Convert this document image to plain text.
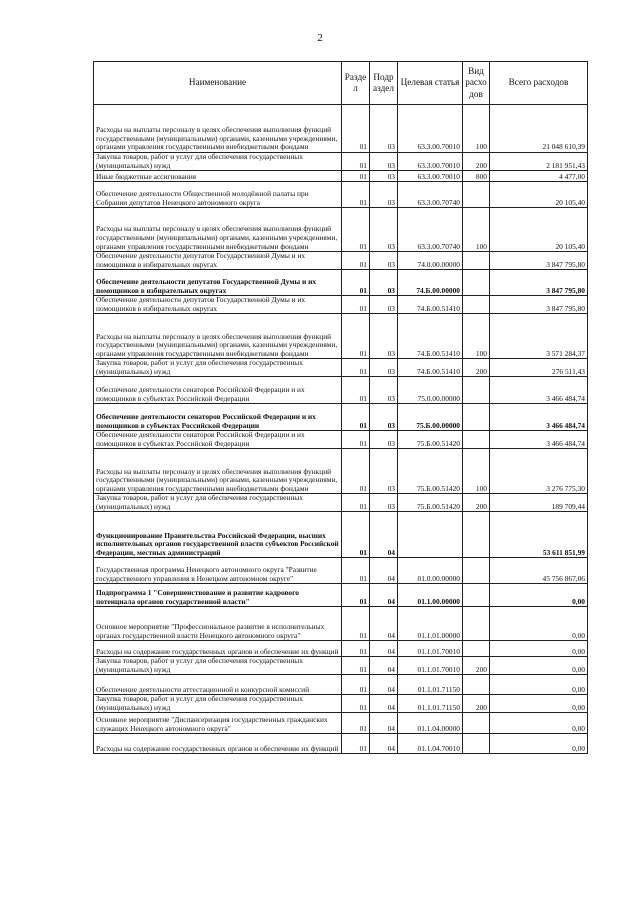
2
Наименование	Разде л	Подр аздел	Целевая статья	Вид расхо дов	Всего расходов
Расходы на выплаты персоналу в целях обеспечения выполнения функций государственными (муниципальными) органами, казенными учреждениями, органами управления государственными внебюджетными фондами	01	03	63.3.00.70010	100	21 048 610,39
Закупка товаров, работ и услуг для обеспечения государственных (муниципальных) нужд	01	03	63.3.00.70010	200	2 181 951,43
Иные бюджетные ассигнования	01	03	63.3.00.70010	800	4 477,00
Обеспечение деятельности Общественной молодёжной палаты при Собрании депутатов Ненецкого автономного округа	01	03	63.3.00.70740		20 105,40
Расходы на выплаты персоналу в целях обеспечения выполнения функций государственными (муниципальными) органами, казенными учреждениями, органами управления государственными внебюджетными фондами	01	03	63.3.00.70740	100	20 105,40
Обеспечение деятельности депутатов Государственной Думы и их помощников в избирательных округах	01	03	74.0.00.00000		3 847 795,80
Обеспечение деятельности депутатов Государственной Думы и их помощников в избирательных округах	01	03	74.Б.00.00000		3 847 795,80
Обеспечение деятельности депутатов Государственной Думы и их помощников в избирательных округах	01	03	74.Б.00.51410		3 847 795,80
Расходы на выплаты персоналу в целях обеспечения выполнения функций государственными (муниципальными) органами, казенными учреждениями, органами управления государственными внебюджетными фондами	01	03	74.Б.00.51410	100	3 571 284,37
Закупка товаров, работ и услуг для обеспечения государственных (муниципальных) нужд	01	03	74.Б.00.51410	200	276 511,43
Обеспечение деятельности сенаторов Российской Федерации и их помощников в субъектах Российской Федерации	01	03	75.0.00.00000		3 466 484,74
Обеспечение деятельности сенаторов Российской Федерации и их помощников в субъектах Российской Федерации	01	03	75.Б.00.00000		3 466 484,74
Обеспечение деятельности сенаторов Российской Федерации и их помощников в субъектах Российской Федерации	01	03	75.Б.00.51420		3 466 484,74
Расходы на выплаты персоналу в целях обеспечения выполнения функций государственными (муниципальными) органами, казенными учреждениями, органами управления государственными внебюджетными фондами	01	03	75.Б.00.51420	100	3 276 775,30
Закупка товаров, работ и услуг для обеспечения государственных (муниципальных) нужд	01	03	75.Б.00.51420	200	189 709,44
Функционирование Правительства Российской Федерации, высших исполнительных органов государственной власти субъектов Российской Федерации, местных администраций	01	04			53 611 851,99
Государственная программа Ненецкого автономного округа "Развитие государственного управления в Ненецком автономном округе"	01	04	01.0.00.00000		45 756 867,06
Подпрограмма 1 "Совершенствование и развитие кадрового потенциала органов государственной власти"	01	04	01.1.00.00000		0,00
Основное мероприятие "Профессиональное развитие в исполнительных органах государственной власти Ненецкого автономного округа"	01	04	01.1.01.00000		0,00
Расходы на содержание государственных органов и обеспечение их функций	01	04	01.1.01.70010		0,00
Закупка товаров, работ и услуг для обеспечения государственных (муниципальных) нужд	01	04	01.1.01.70010	200	0,00
Обеспечение деятельности аттестационной и конкурсной комиссий	01	04	01.1.01.71150		0,00
Закупка товаров, работ и услуг для обеспечения государственных (муниципальных) нужд	01	04	01.1.01.71150	200	0,00
Основное мероприятие "Диспансеризация государственных гражданских служащих Ненецкого автономного округа"	01	04	01.1.04.00000		0,00
Расходы на содержание государственных органов и обеспечение их функций	01	04	01.1.04.70010		0,00
